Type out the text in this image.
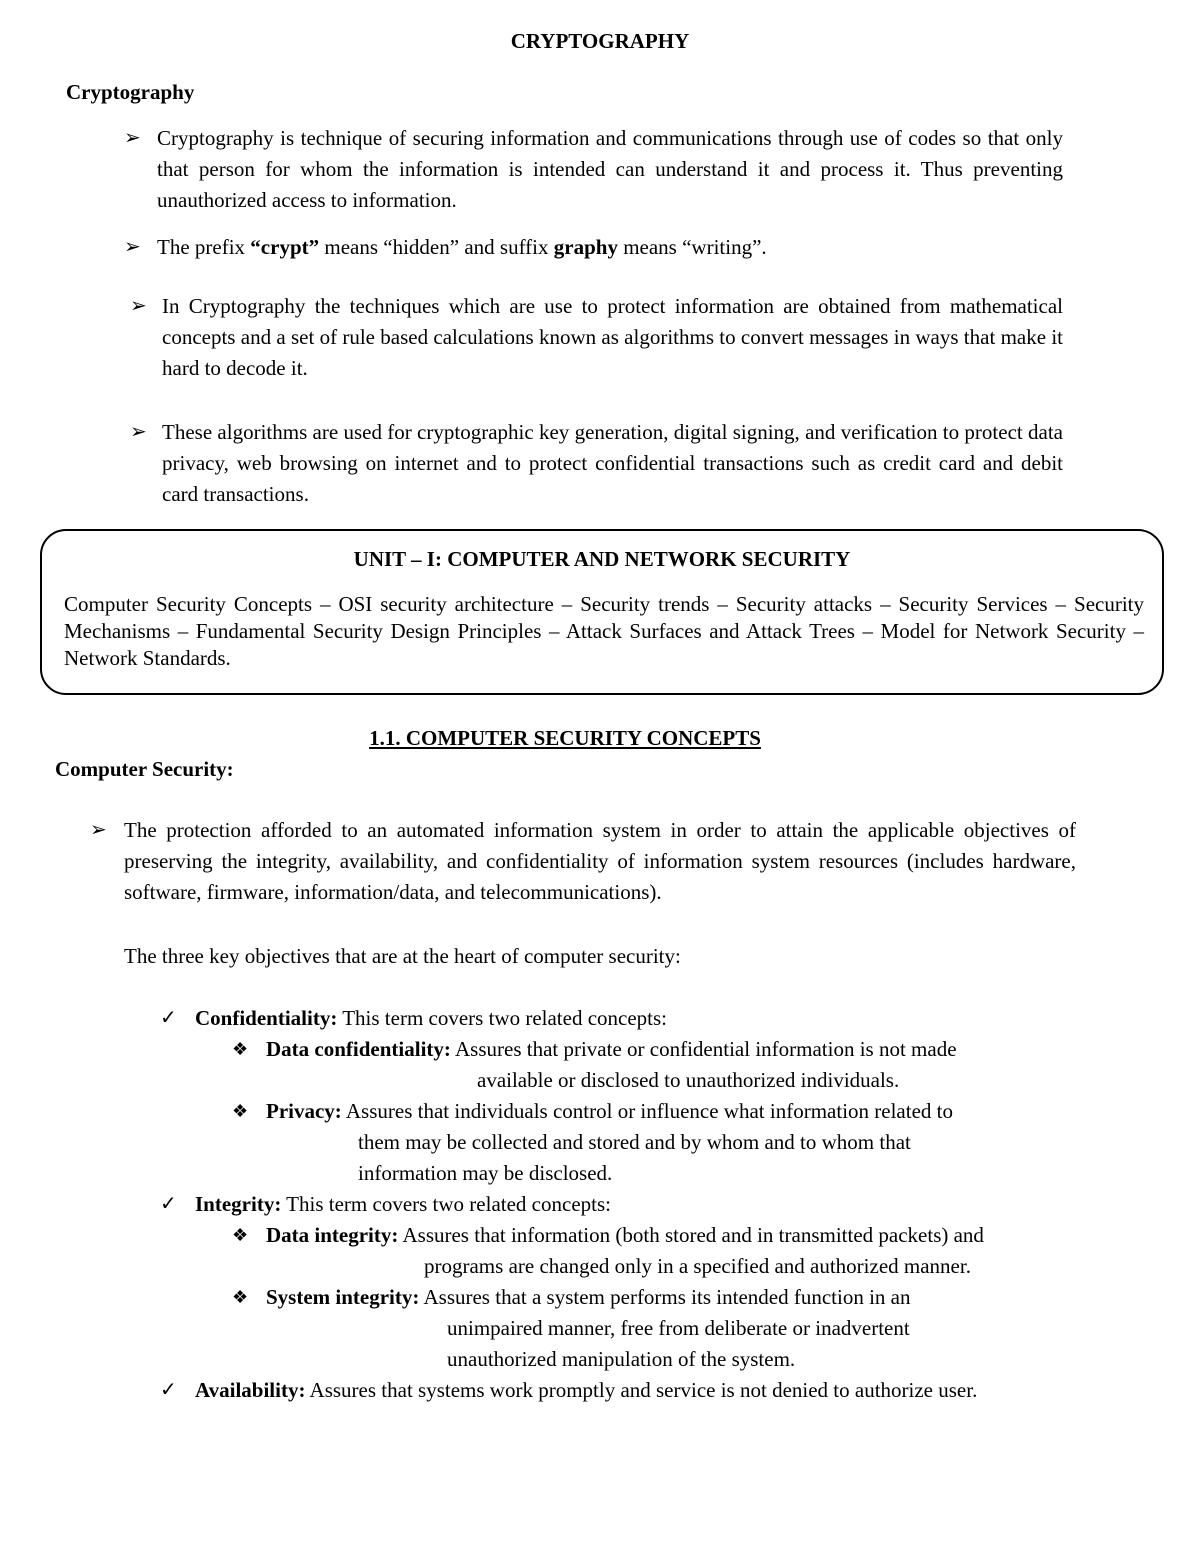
CRYPTOGRAPHY
Cryptography
➢ Cryptography is technique of securing information and communications through use of codes so that only that person for whom the information is intended can understand it and process it. Thus preventing unauthorized access to information.
➢ The prefix “crypt” means “hidden” and suffix graphy means “writing”.
➢ In Cryptography the techniques which are use to protect information are obtained from mathematical concepts and a set of rule based calculations known as algorithms to convert messages in ways that make it hard to decode it.
➢ These algorithms are used for cryptographic key generation, digital signing, and verification to protect data privacy, web browsing on internet and to protect confidential transactions such as credit card and debit card transactions.
UNIT – I: COMPUTER AND NETWORK SECURITY
Computer Security Concepts – OSI security architecture – Security trends – Security attacks – Security Services – Security Mechanisms – Fundamental Security Design Principles – Attack Surfaces and Attack Trees – Model for Network Security – Network Standards.
1.1. COMPUTER SECURITY CONCEPTS
Computer Security:
➢ The protection afforded to an automated information system in order to attain the applicable objectives of preserving the integrity, availability, and confidentiality of information system resources (includes hardware, software, firmware, information/data, and telecommunications).
The three key objectives that are at the heart of computer security:
✓ Confidentiality: This term covers two related concepts:
❖ Data confidentiality: Assures that private or confidential information is not made
available or disclosed to unauthorized individuals.
❖ Privacy: Assures that individuals control or influence what information related to
them may be collected and stored and by whom and to whom that
information may be disclosed.
✓ Integrity: This term covers two related concepts:
❖ Data integrity: Assures that information (both stored and in transmitted packets) and
programs are changed only in a specified and authorized manner.
❖ System integrity: Assures that a system performs its intended function in an
unimpaired manner, free from deliberate or inadvertent
unauthorized manipulation of the system.
✓ Availability: Assures that systems work promptly and service is not denied to authorize user.
